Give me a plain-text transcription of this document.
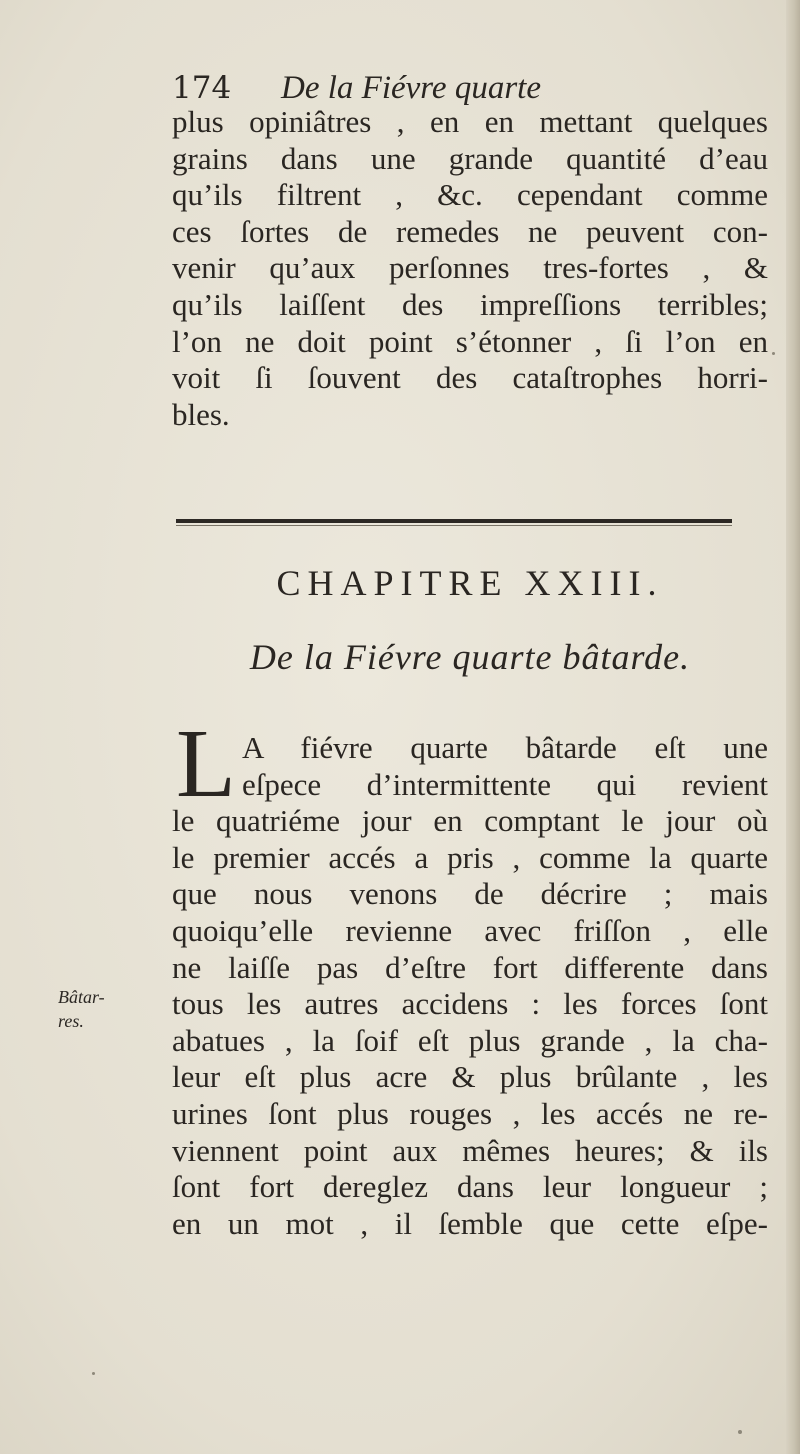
174 De la Fiévre quarte
plus opiniâtres , en en mettant quelques
grains dans une grande quantité d’eau
qu’ils filtrent , &c. cependant comme
ces ſortes de remedes ne peuvent con-
venir qu’aux perſonnes tres-fortes , &
qu’ils laiſſent des impreſſions terribles;
l’on ne doit point s’étonner , ſi l’on en
voit ſi ſouvent des cataſtrophes horri-
bles.
CHAPITRE XXIII.
De la Fiévre quarte bâtarde.
L A fiévre quarte bâtarde eſt une
eſpece d’intermittente qui revient
le quatriéme jour en comptant le jour où
le premier accés a pris , comme la quarte
que nous venons de décrire ; mais
quoiqu’elle revienne avec friſſon , elle
ne laiſſe pas d’eſtre fort differente dans
tous les autres accidens : les forces ſont
abatues , la ſoif eſt plus grande , la cha-
leur eſt plus acre & plus brûlante , les
urines ſont plus rouges , les accés ne re-
viennent point aux mêmes heures; & ils
ſont fort dereglez dans leur longueur ;
en un mot , il ſemble que cette eſpe-
Bâtar-
res.
